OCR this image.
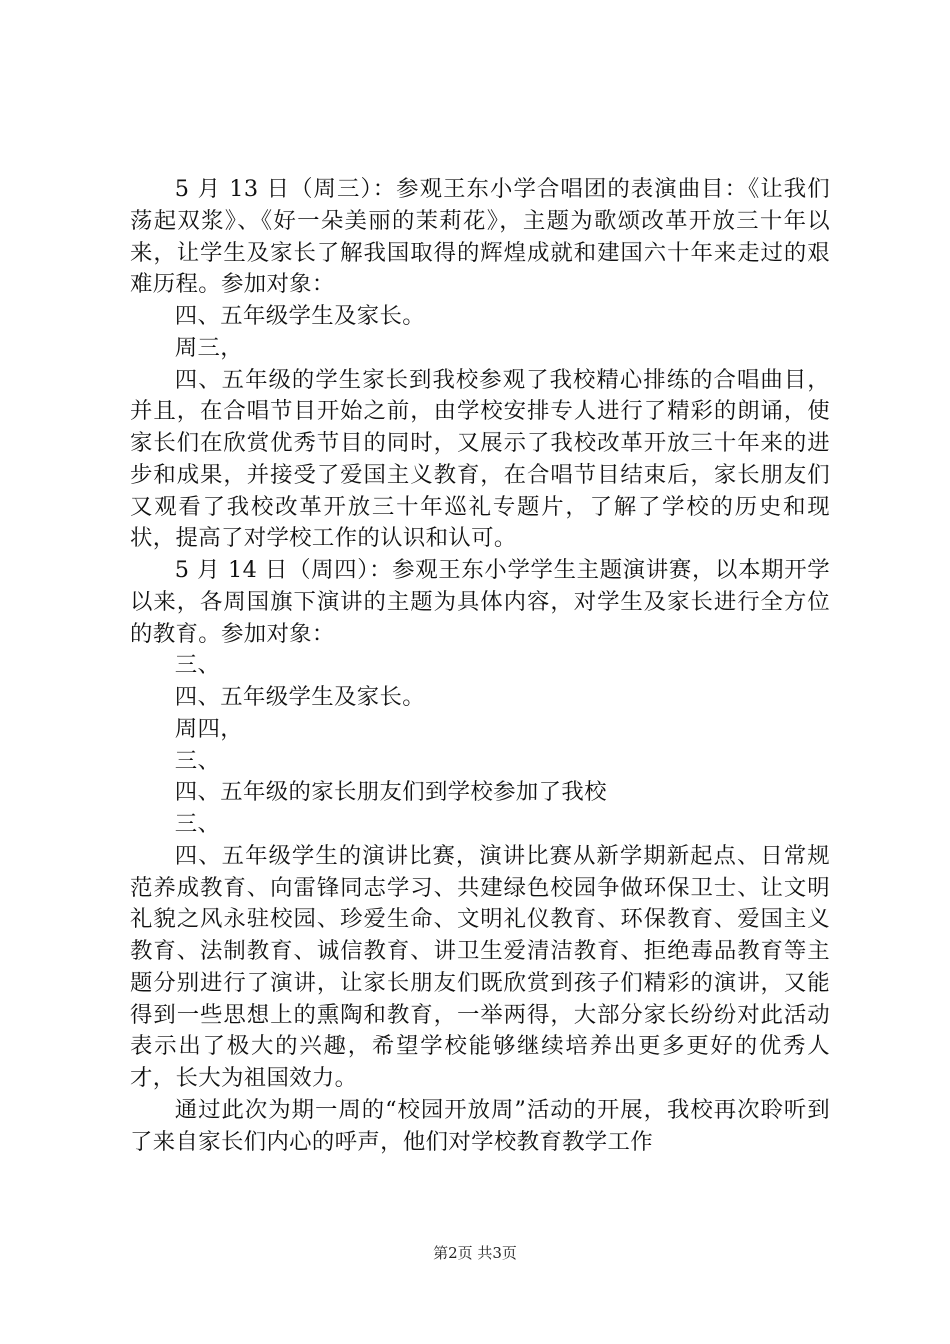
5 月 13 日（周三）：参观王东小学合唱团的表演曲目：《让我们荡起双浆》、《好一朵美丽的茉莉花》，主题为歌颂改革开放三十年以来，让学生及家长了解我国取得的辉煌成就和建国六十年来走过的艰难历程。参加对象：

四、五年级学生及家长。

周三，

四、五年级的学生家长到我校参观了我校精心排练的合唱曲目，并且，在合唱节目开始之前，由学校安排专人进行了精彩的朗诵，使家长们在欣赏优秀节目的同时，又展示了我校改革开放三十年来的进步和成果，并接受了爱国主义教育，在合唱节目结束后，家长朋友们又观看了我校改革开放三十年巡礼专题片，了解了学校的历史和现状，提高了对学校工作的认识和认可。

5 月 14 日（周四）：参观王东小学学生主题演讲赛，以本期开学以来，各周国旗下演讲的主题为具体内容，对学生及家长进行全方位的教育。参加对象：

三、

四、五年级学生及家长。

周四，

三、

四、五年级的家长朋友们到学校参加了我校

三、

四、五年级学生的演讲比赛，演讲比赛从新学期新起点、日常规范养成教育、向雷锋同志学习、共建绿色校园争做环保卫士、让文明礼貌之风永驻校园、珍爱生命、文明礼仪教育、环保教育、爱国主义教育、法制教育、诚信教育、讲卫生爱清洁教育、拒绝毒品教育等主题分别进行了演讲，让家长朋友们既欣赏到孩子们精彩的演讲，又能得到一些思想上的熏陶和教育，一举两得，大部分家长纷纷对此活动表示出了极大的兴趣，希望学校能够继续培养出更多更好的优秀人才，长大为祖国效力。

通过此次为期一周的“校园开放周”活动的开展，我校再次聆听到了来自家长们内心的呼声，他们对学校教育教学工作

第2页 共3页
